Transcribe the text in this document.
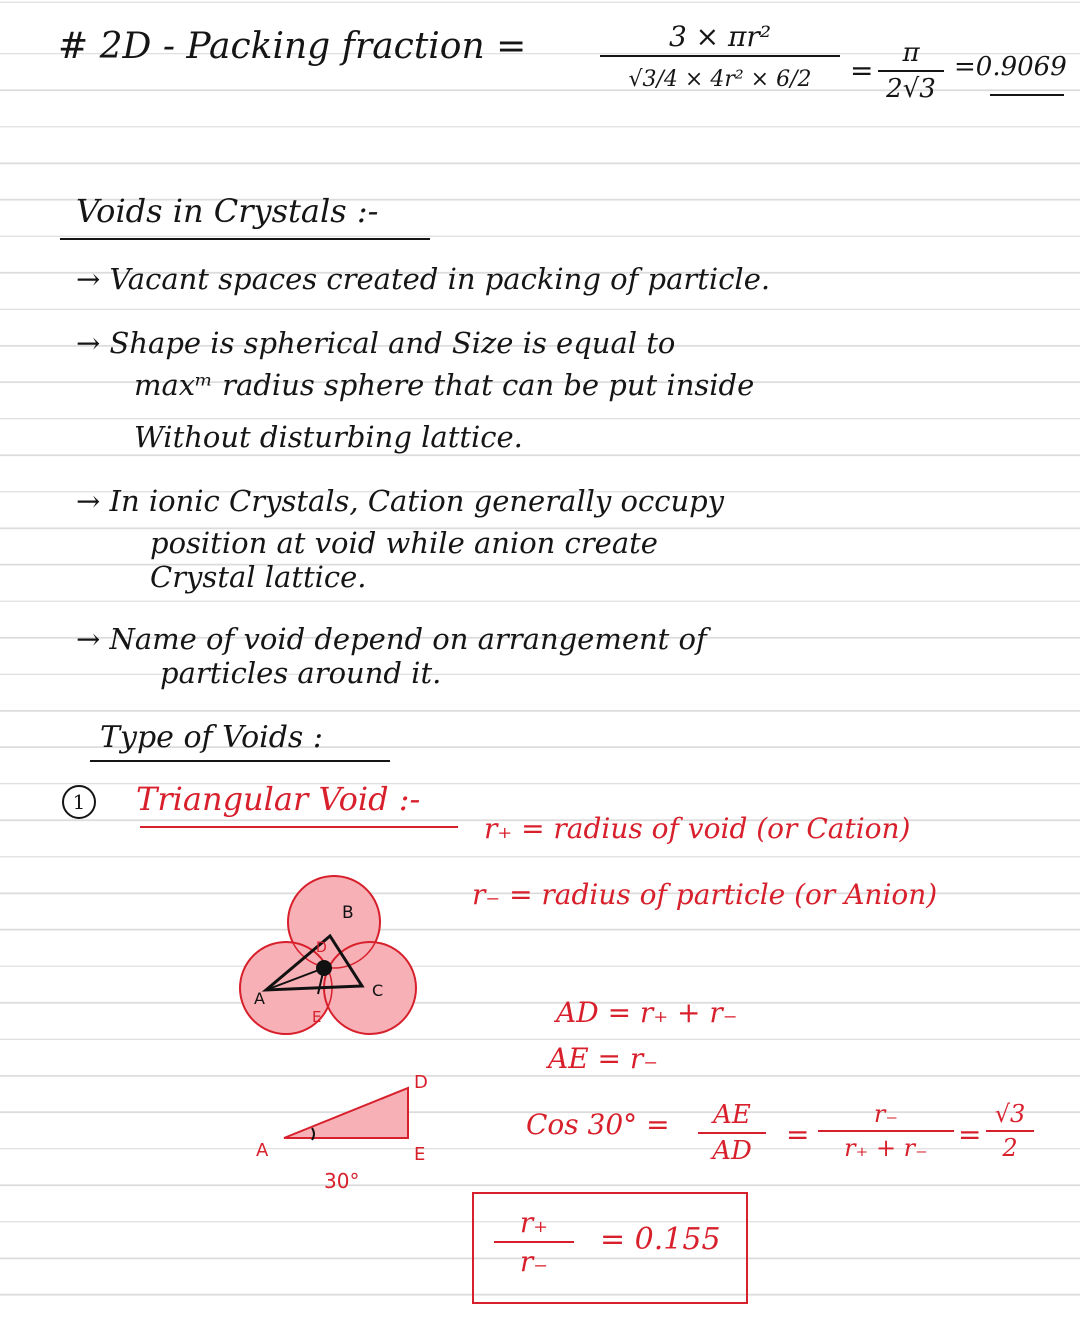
# 2D - Packing fraction =	3 × πr²
√3/4 × 4r² × 6/2	=
π
2√3
=0.9069
Voids in Crystals :-
→ Vacant spaces created in packing of particle.
→ Shape is spherical and Size is equal to
maxᵐ radius sphere that can be put inside
Without disturbing lattice.
→ In ionic Crystals, Cation generally occupy
position at void while anion create
Crystal lattice.
→ Name of void depend on arrangement of
particles around it.
Type of Voids :
1	Triangular Void :-
r₊ = radius of void (or Cation)
r₋ = radius of particle (or Anion)
B
D
A
E
C
A
D
E
30°
AD = r₊ + r₋
AE = r₋
Cos 30° =	AE
AD	=
r₋
r₊ + r₋	=
√3
2
r₊
r₋
= 0.155
